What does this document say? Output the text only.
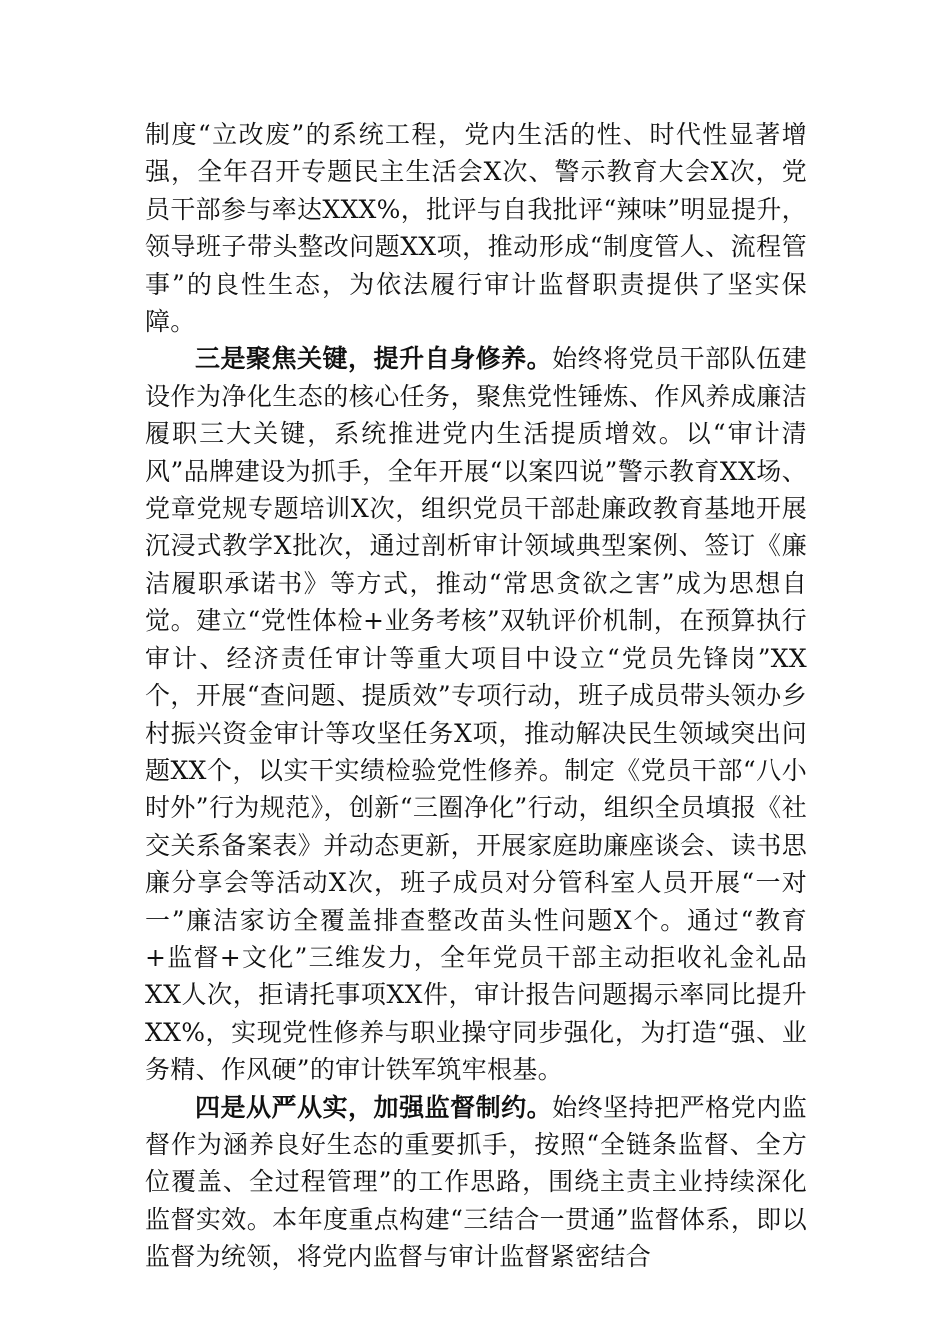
制度“立改废”的系统工程，党内生活的性、时代性显著增强，全年召开专题民主生活会X次、警示教育大会X次，党员干部参与率达XXX%，批评与自我批评“辣味”明显提升，领导班子带头整改问题XX项，推动形成“制度管人、流程管事”的良性生态，为依法履行审计监督职责提供了坚实保障。

三是聚焦关键，提升自身修养。始终将党员干部队伍建设作为净化生态的核心任务，聚焦党性锤炼、作风养成廉洁履职三大关键，系统推进党内生活提质增效。以“审计清风”品牌建设为抓手，全年开展“以案四说”警示教育XX场、党章党规专题培训X次，组织党员干部赴廉政教育基地开展沉浸式教学X批次，通过剖析审计领域典型案例、签订《廉洁履职承诺书》等方式，推动“常思贪欲之害”成为思想自觉。建立“党性体检+业务考核”双轨评价机制，在预算执行审计、经济责任审计等重大项目中设立“党员先锋岗”XX个，开展“查问题、提质效”专项行动，班子成员带头领办乡村振兴资金审计等攻坚任务X项，推动解决民生领域突出问题XX个，以实干实绩检验党性修养。制定《党员干部“八小时外”行为规范》，创新“三圈净化”行动，组织全员填报《社交关系备案表》并动态更新，开展家庭助廉座谈会、读书思廉分享会等活动X次，班子成员对分管科室人员开展“一对一”廉洁家访全覆盖排查整改苗头性问题X个。通过“教育+监督+文化”三维发力，全年党员干部主动拒收礼金礼品XX人次，拒请托事项XX件，审计报告问题揭示率同比提升XX%，实现党性修养与职业操守同步强化，为打造“强、业务精、作风硬”的审计铁军筑牢根基。

四是从严从实，加强监督制约。始终坚持把严格党内监督作为涵养良好生态的重要抓手，按照“全链条监督、全方位覆盖、全过程管理”的工作思路，围绕主责主业持续深化监督实效。本年度重点构建“三结合一贯通”监督体系，即以监督为统领，将党内监督与审计监督紧密结合
